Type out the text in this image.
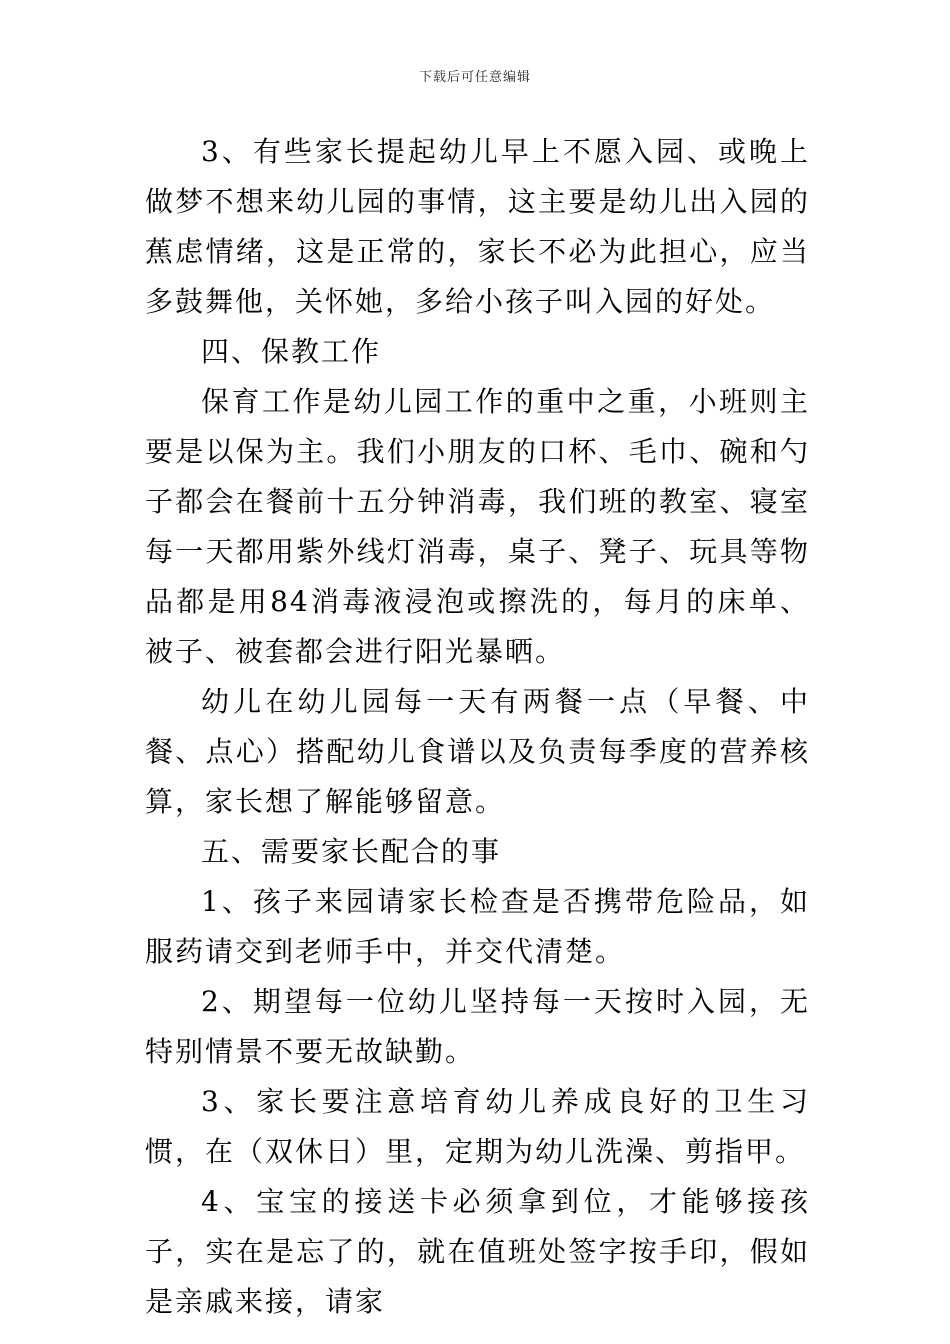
下载后可任意编辑

3、有些家长提起幼儿早上不愿入园、或晚上做梦不想来幼儿园的事情，这主要是幼儿出入园的蕉虑情绪，这是正常的，家长不必为此担心，应当多鼓舞他，关怀她，多给小孩子叫入园的好处。

四、保教工作

保育工作是幼儿园工作的重中之重，小班则主要是以保为主。我们小朋友的口杯、毛巾、碗和勺子都会在餐前十五分钟消毒，我们班的教室、寝室每一天都用紫外线灯消毒，桌子、凳子、玩具等物品都是用84消毒液浸泡或擦洗的，每月的床单、被子、被套都会进行阳光暴晒。

幼儿在幼儿园每一天有两餐一点（早餐、中餐、点心）搭配幼儿食谱以及负责每季度的营养核算，家长想了解能够留意。

五、需要家长配合的事

1、孩子来园请家长检查是否携带危险品，如服药请交到老师手中，并交代清楚。

2、期望每一位幼儿坚持每一天按时入园，无特别情景不要无故缺勤。

3、家长要注意培育幼儿养成良好的卫生习惯，在（双休日）里，定期为幼儿洗澡、剪指甲。

4、宝宝的接送卡必须拿到位，才能够接孩子，实在是忘了的，就在值班处签字按手印，假如是亲戚来接，请家
